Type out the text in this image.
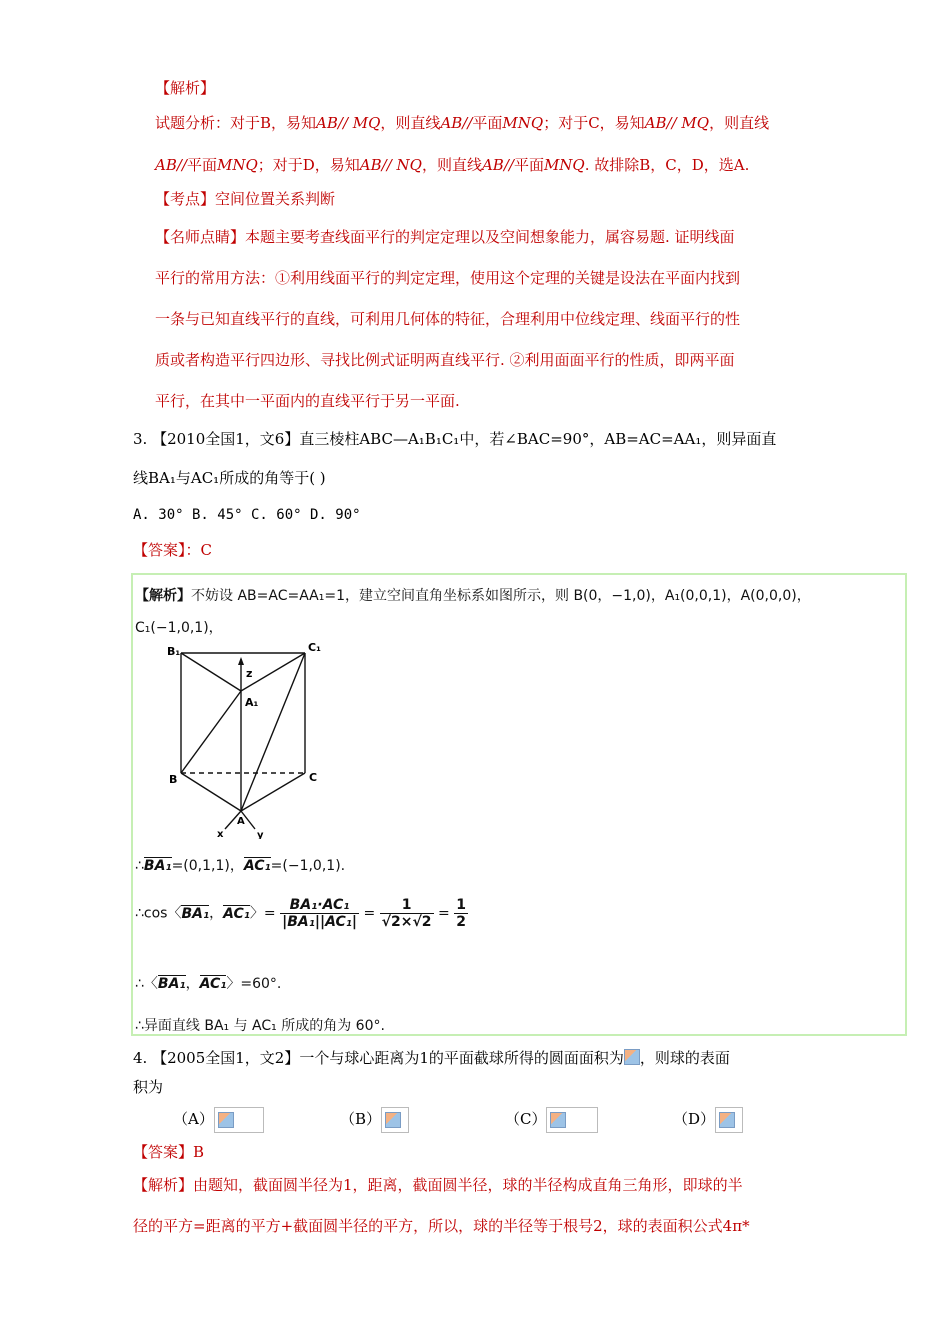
【解析】
试题分析：对于B，易知AB// MQ，则直线AB//平面MNQ；对于C，易知AB// MQ，则直线
AB//平面MNQ；对于D，易知AB// NQ，则直线AB//平面MNQ. 故排除B，C，D，选A.
【考点】空间位置关系判断
【名师点睛】本题主要考查线面平行的判定定理以及空间想象能力，属容易题. 证明线面
平行的常用方法：①利用线面平行的判定定理，使用这个定理的关键是设法在平面内找到
一条与已知直线平行的直线，可利用几何体的特征，合理利用中位线定理、线面平行的性
质或者构造平行四边形、寻找比例式证明两直线平行. ②利用面面平行的性质，即两平面
平行，在其中一平面内的直线平行于另一平面.
3. 【2010全国1，文6】直三棱柱ABC—A₁B₁C₁中，若∠BAC=90°，AB=AC=AA₁，则异面直
线BA₁与AC₁所成的角等于( )
A. 30° B. 45° C. 60° D. 90°
【答案】：C
【解析】不妨设 AB=AC=AA₁=1，建立空间直角坐标系如图所示，则 B(0，−1,0)，A₁(0,0,1)，A(0,0,0)，
C₁(−1,0,1)，
B₁	C₁
z
A₁
B	C
A
x	y
∴BA₁=(0,1,1)，AC₁=(−1,0,1).
∴cos〈BA₁，AC₁〉= $\frac{\text{BA₁·AC₁}}{\text{|BA₁||AC₁|}} = \frac{1}{√2\times√2} = \frac{1}{2}$
∴〈BA₁，AC₁〉=60°.
∴异面直线 BA₁ 与 AC₁ 所成的角为 60°.
4. 【2005全国1，文2】一个与球心距离为1的平面截球所得的圆面面积为 ，则球的表面
积为
（A）	（B）	（C）	（D）
【答案】B
【解析】由题知，截面圆半径为1，距离，截面圆半径，球的半径构成直角三角形，即球的半
径的平方=距离的平方+截面圆半径的平方，所以，球的半径等于根号2，球的表面积公式4π*
